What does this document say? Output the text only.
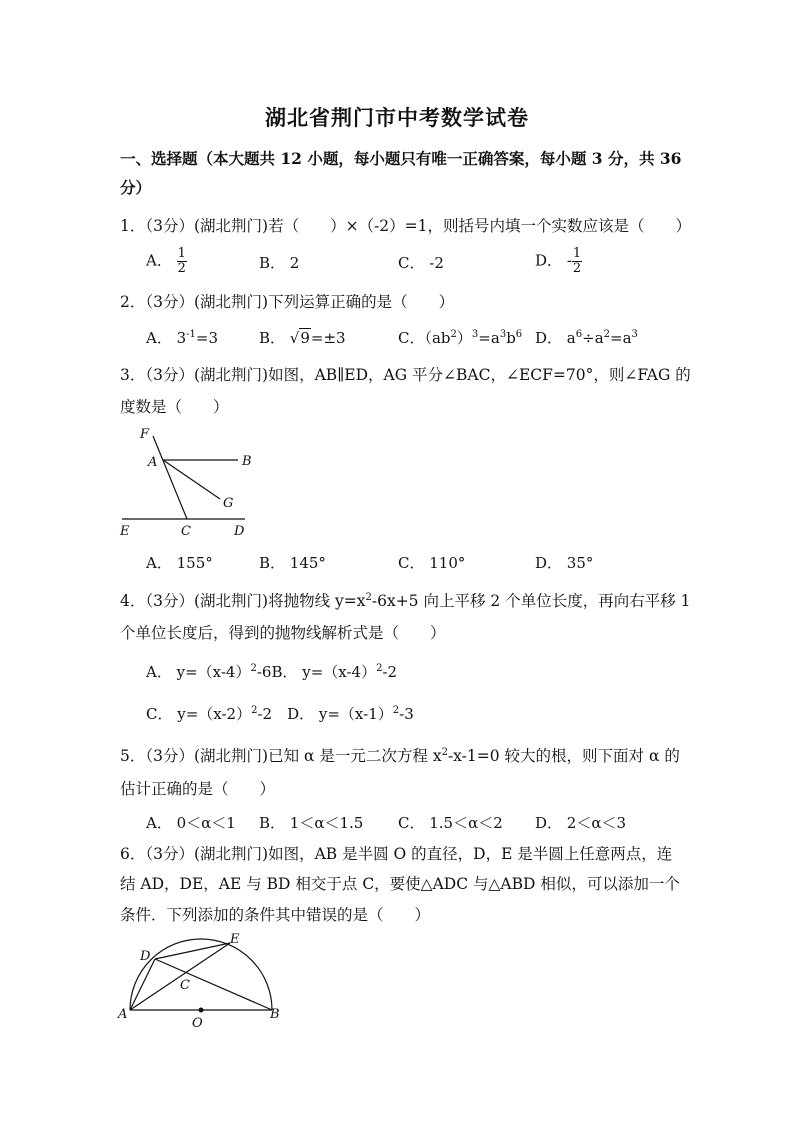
湖北省荆门市中考数学试卷
一、选择题（本大题共 12 小题，每小题只有唯一正确答案，每小题 3 分，共 36
分）
1．（3分）(湖北荆门)若（　　）×（-2）=1，则括号内填一个实数应该是（　　）
A． $\frac{1}{2}$	B． 2	C． -2	D． - $\frac{1}{2}$
2．（3分）(湖北荆门)下列运算正确的是（　　）
A． $3^{-1}=3$	B． √9=±3	C．$(ab^2)^3=a^3b^6$ D． $a^6\div a^2=a^3$
3．（3分）(湖北荆门)如图，AB∥ED，AG 平分∠BAC，∠ECF=70°，则∠FAG 的
度数是（　　）
F
A	B
G
E	C	D
A． 155°	B． 145°	C． 110°	D． 35°
4．（3分）(湖北荆门)将抛物线 $y=x^2-6x+5$ 向上平移 2 个单位长度，再向右平移 1
个单位长度后，得到的抛物线解析式是（　　）
A． $y=(x-4)^2-6B$． $y=(x-4)^2-2$
C． $y=(x-2)^2-2$　D． $y=(x-1)^2-3$
5．（3分）(湖北荆门)已知 α 是一元二次方程 $x^2-x-1=0$ 较大的根，则下面对 α 的
估计正确的是（　　）
A． 0＜α＜1 B． 1＜α＜1.5 C． 1.5＜α＜2 D． 2＜α＜3
6．（3分）(湖北荆门)如图，AB 是半圆 O 的直径，D，E 是半圆上任意两点，连
结 AD，DE，AE 与 BD 相交于点 C，要使△ADC 与△ABD 相似，可以添加一个
条件．下列添加的条件其中错误的是（　　）
D
E
C
A
O
B
